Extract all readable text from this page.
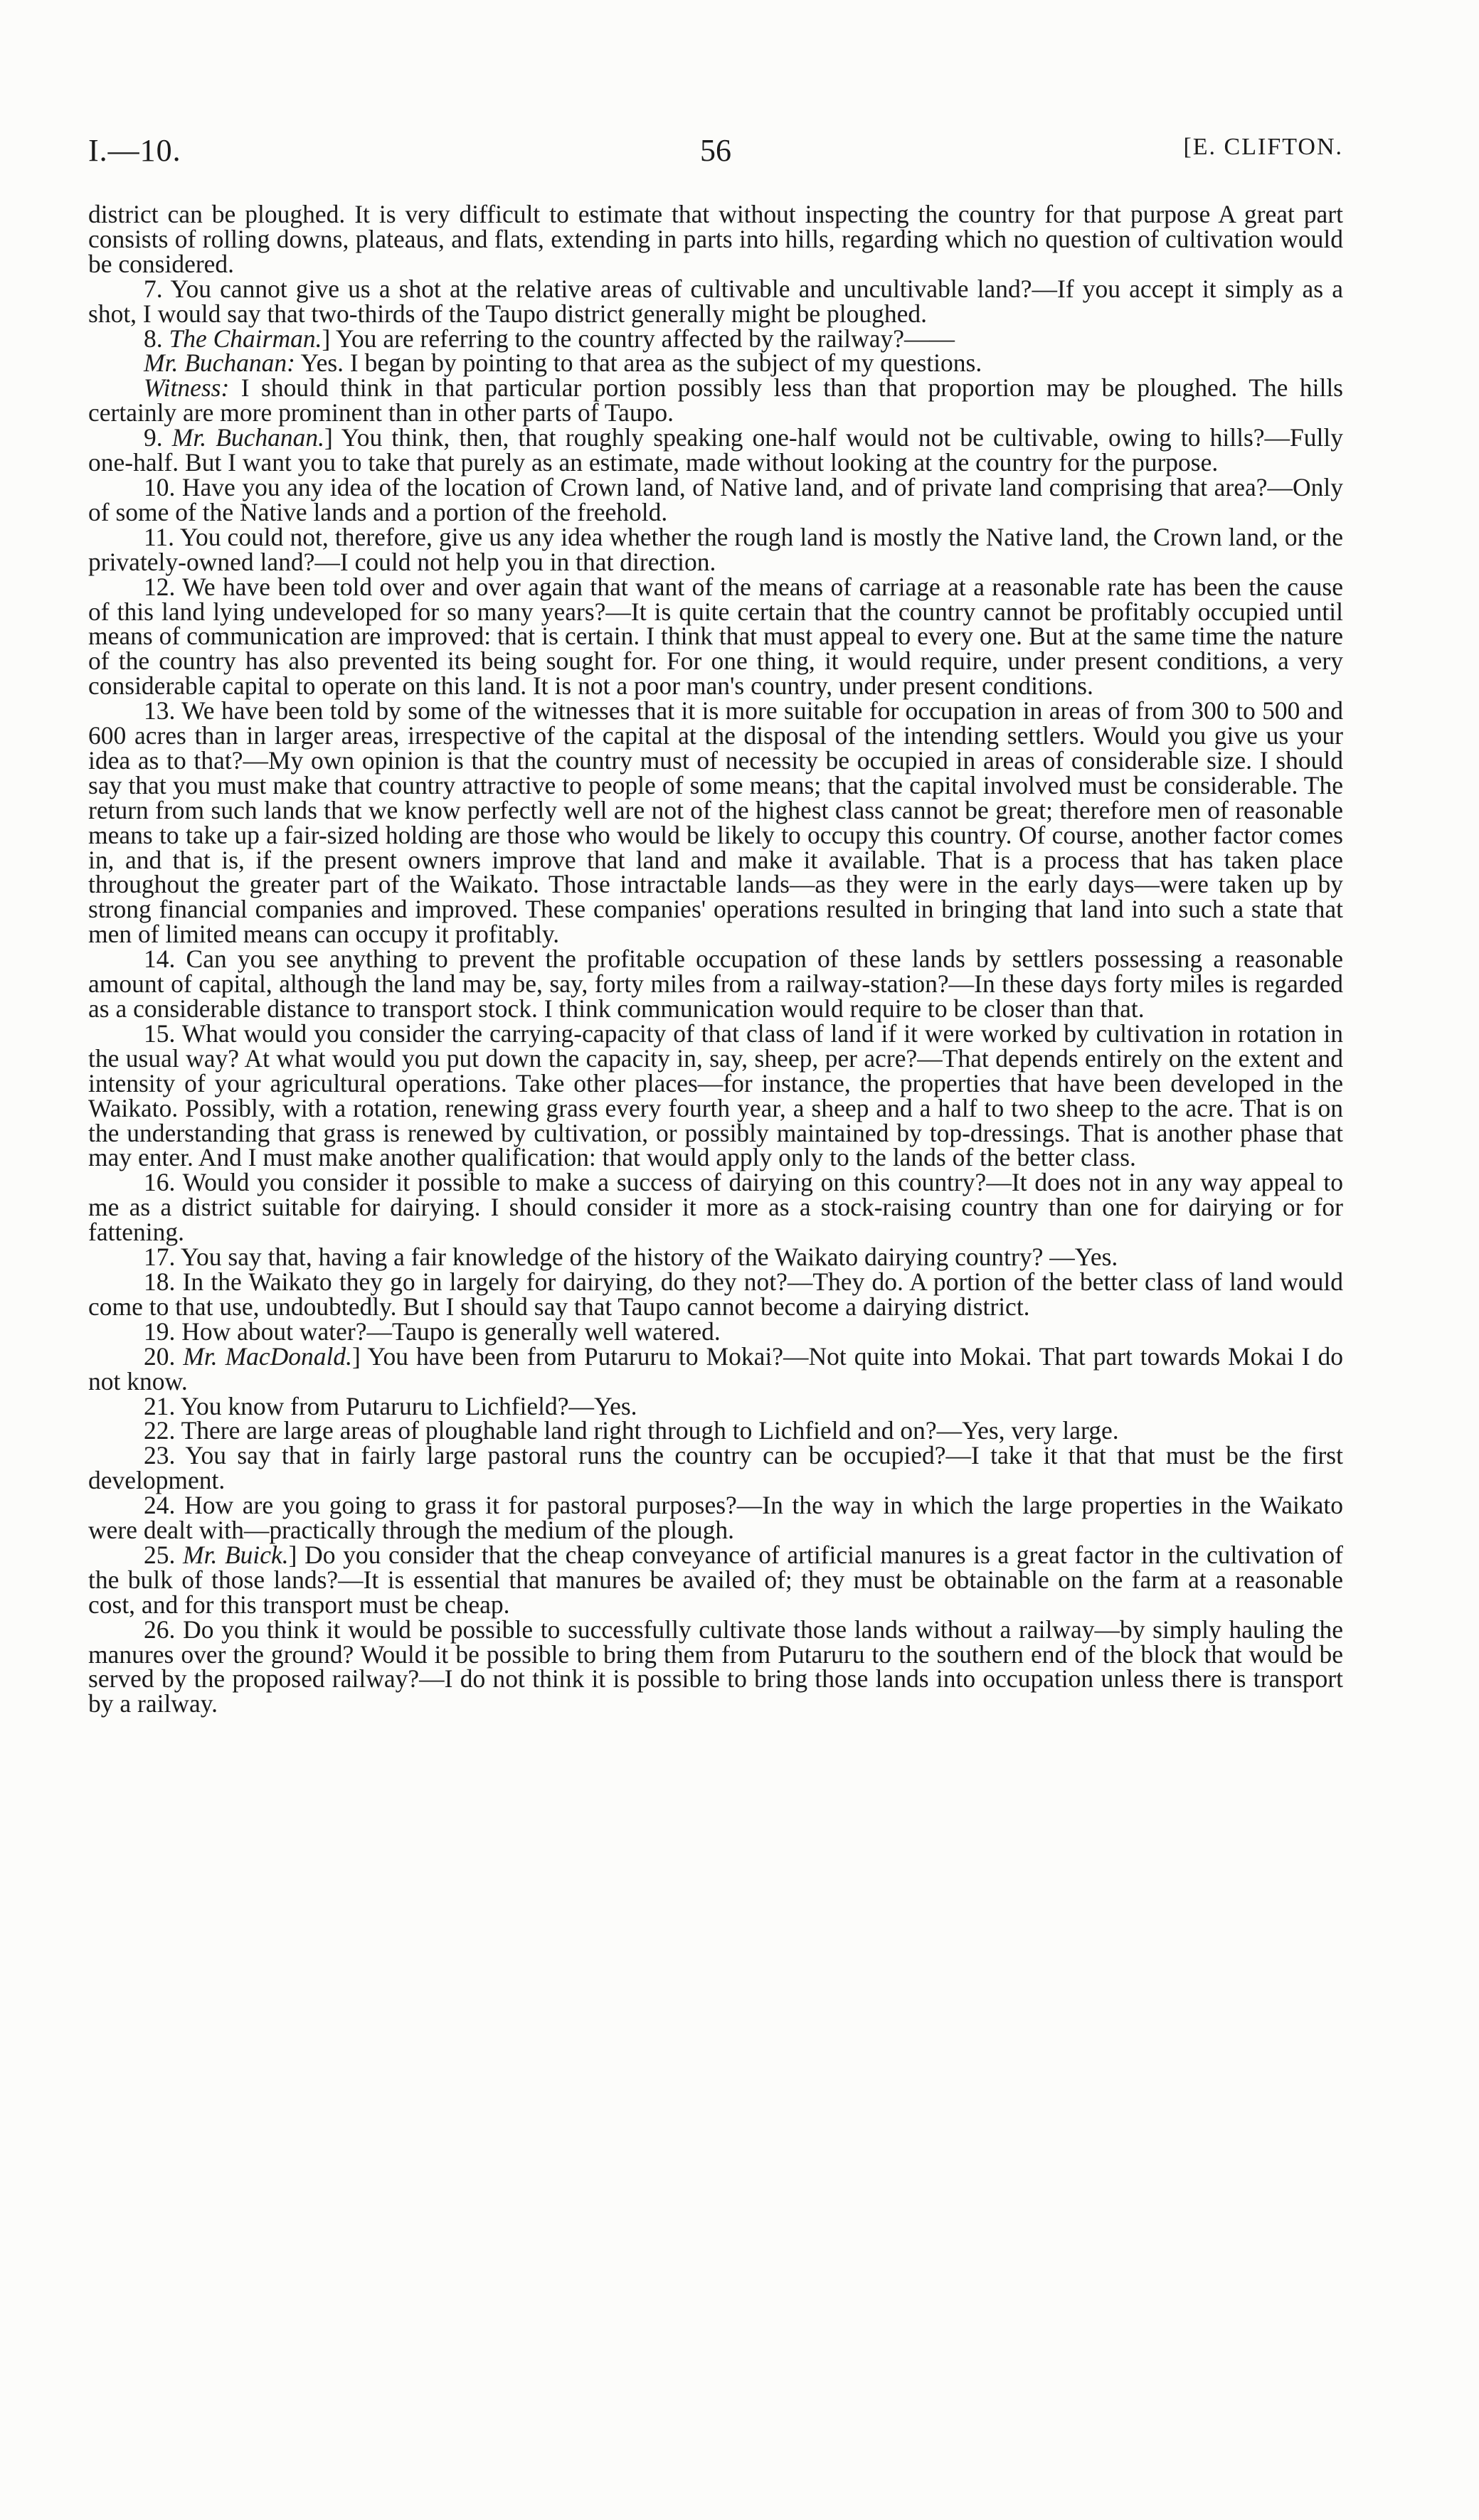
I.—10.	56	[E. CLIFTON.

district can be ploughed. It is very difficult to estimate that without inspecting the country for that purpose A great part consists of rolling downs, plateaus, and flats, extending in parts into hills, regarding which no question of cultivation would be considered.

7. You cannot give us a shot at the relative areas of cultivable and uncultivable land?—If you accept it simply as a shot, I would say that two-thirds of the Taupo district generally might be ploughed.

8. The Chairman.] You are referring to the country affected by the railway?——

Mr. Buchanan: Yes. I began by pointing to that area as the subject of my questions.

Witness: I should think in that particular portion possibly less than that proportion may be ploughed. The hills certainly are more prominent than in other parts of Taupo.

9. Mr. Buchanan.] You think, then, that roughly speaking one-half would not be cultivable, owing to hills?—Fully one-half. But I want you to take that purely as an estimate, made without looking at the country for the purpose.

10. Have you any idea of the location of Crown land, of Native land, and of private land comprising that area?—Only of some of the Native lands and a portion of the freehold.

11. You could not, therefore, give us any idea whether the rough land is mostly the Native land, the Crown land, or the privately-owned land?—I could not help you in that direction.

12. We have been told over and over again that want of the means of carriage at a reasonable rate has been the cause of this land lying undeveloped for so many years?—It is quite certain that the country cannot be profitably occupied until means of communication are improved: that is certain. I think that must appeal to every one. But at the same time the nature of the country has also prevented its being sought for. For one thing, it would require, under present conditions, a very considerable capital to operate on this land. It is not a poor man's country, under present conditions.

13. We have been told by some of the witnesses that it is more suitable for occupation in areas of from 300 to 500 and 600 acres than in larger areas, irrespective of the capital at the disposal of the intending settlers. Would you give us your idea as to that?—My own opinion is that the country must of necessity be occupied in areas of considerable size. I should say that you must make that country attractive to people of some means; that the capital involved must be considerable. The return from such lands that we know perfectly well are not of the highest class cannot be great; therefore men of reasonable means to take up a fair-sized holding are those who would be likely to occupy this country. Of course, another factor comes in, and that is, if the present owners improve that land and make it available. That is a process that has taken place throughout the greater part of the Waikato. Those intractable lands—as they were in the early days—were taken up by strong financial companies and improved. These companies' operations resulted in bringing that land into such a state that men of limited means can occupy it profitably.

14. Can you see anything to prevent the profitable occupation of these lands by settlers possessing a reasonable amount of capital, although the land may be, say, forty miles from a railway-station?—In these days forty miles is regarded as a considerable distance to transport stock. I think communication would require to be closer than that.

15. What would you consider the carrying-capacity of that class of land if it were worked by cultivation in rotation in the usual way? At what would you put down the capacity in, say, sheep, per acre?—That depends entirely on the extent and intensity of your agricultural operations. Take other places—for instance, the properties that have been developed in the Waikato. Possibly, with a rotation, renewing grass every fourth year, a sheep and a half to two sheep to the acre. That is on the understanding that grass is renewed by cultivation, or possibly maintained by top-dressings. That is another phase that may enter. And I must make another qualification: that would apply only to the lands of the better class.

16. Would you consider it possible to make a success of dairying on this country?—It does not in any way appeal to me as a district suitable for dairying. I should consider it more as a stock-raising country than one for dairying or for fattening.

17. You say that, having a fair knowledge of the history of the Waikato dairying country? —Yes.

18. In the Waikato they go in largely for dairying, do they not?—They do. A portion of the better class of land would come to that use, undoubtedly. But I should say that Taupo cannot become a dairying district.

19. How about water?—Taupo is generally well watered.

20. Mr. MacDonald.] You have been from Putaruru to Mokai?—Not quite into Mokai. That part towards Mokai I do not know.

21. You know from Putaruru to Lichfield?—Yes.

22. There are large areas of ploughable land right through to Lichfield and on?—Yes, very large.

23. You say that in fairly large pastoral runs the country can be occupied?—I take it that that must be the first development.

24. How are you going to grass it for pastoral purposes?—In the way in which the large properties in the Waikato were dealt with—practically through the medium of the plough.

25. Mr. Buick.] Do you consider that the cheap conveyance of artificial manures is a great factor in the cultivation of the bulk of those lands?—It is essential that manures be availed of; they must be obtainable on the farm at a reasonable cost, and for this transport must be cheap.

26. Do you think it would be possible to successfully cultivate those lands without a railway—by simply hauling the manures over the ground? Would it be possible to bring them from Putaruru to the southern end of the block that would be served by the proposed railway?—I do not think it is possible to bring those lands into occupation unless there is transport by a railway.
